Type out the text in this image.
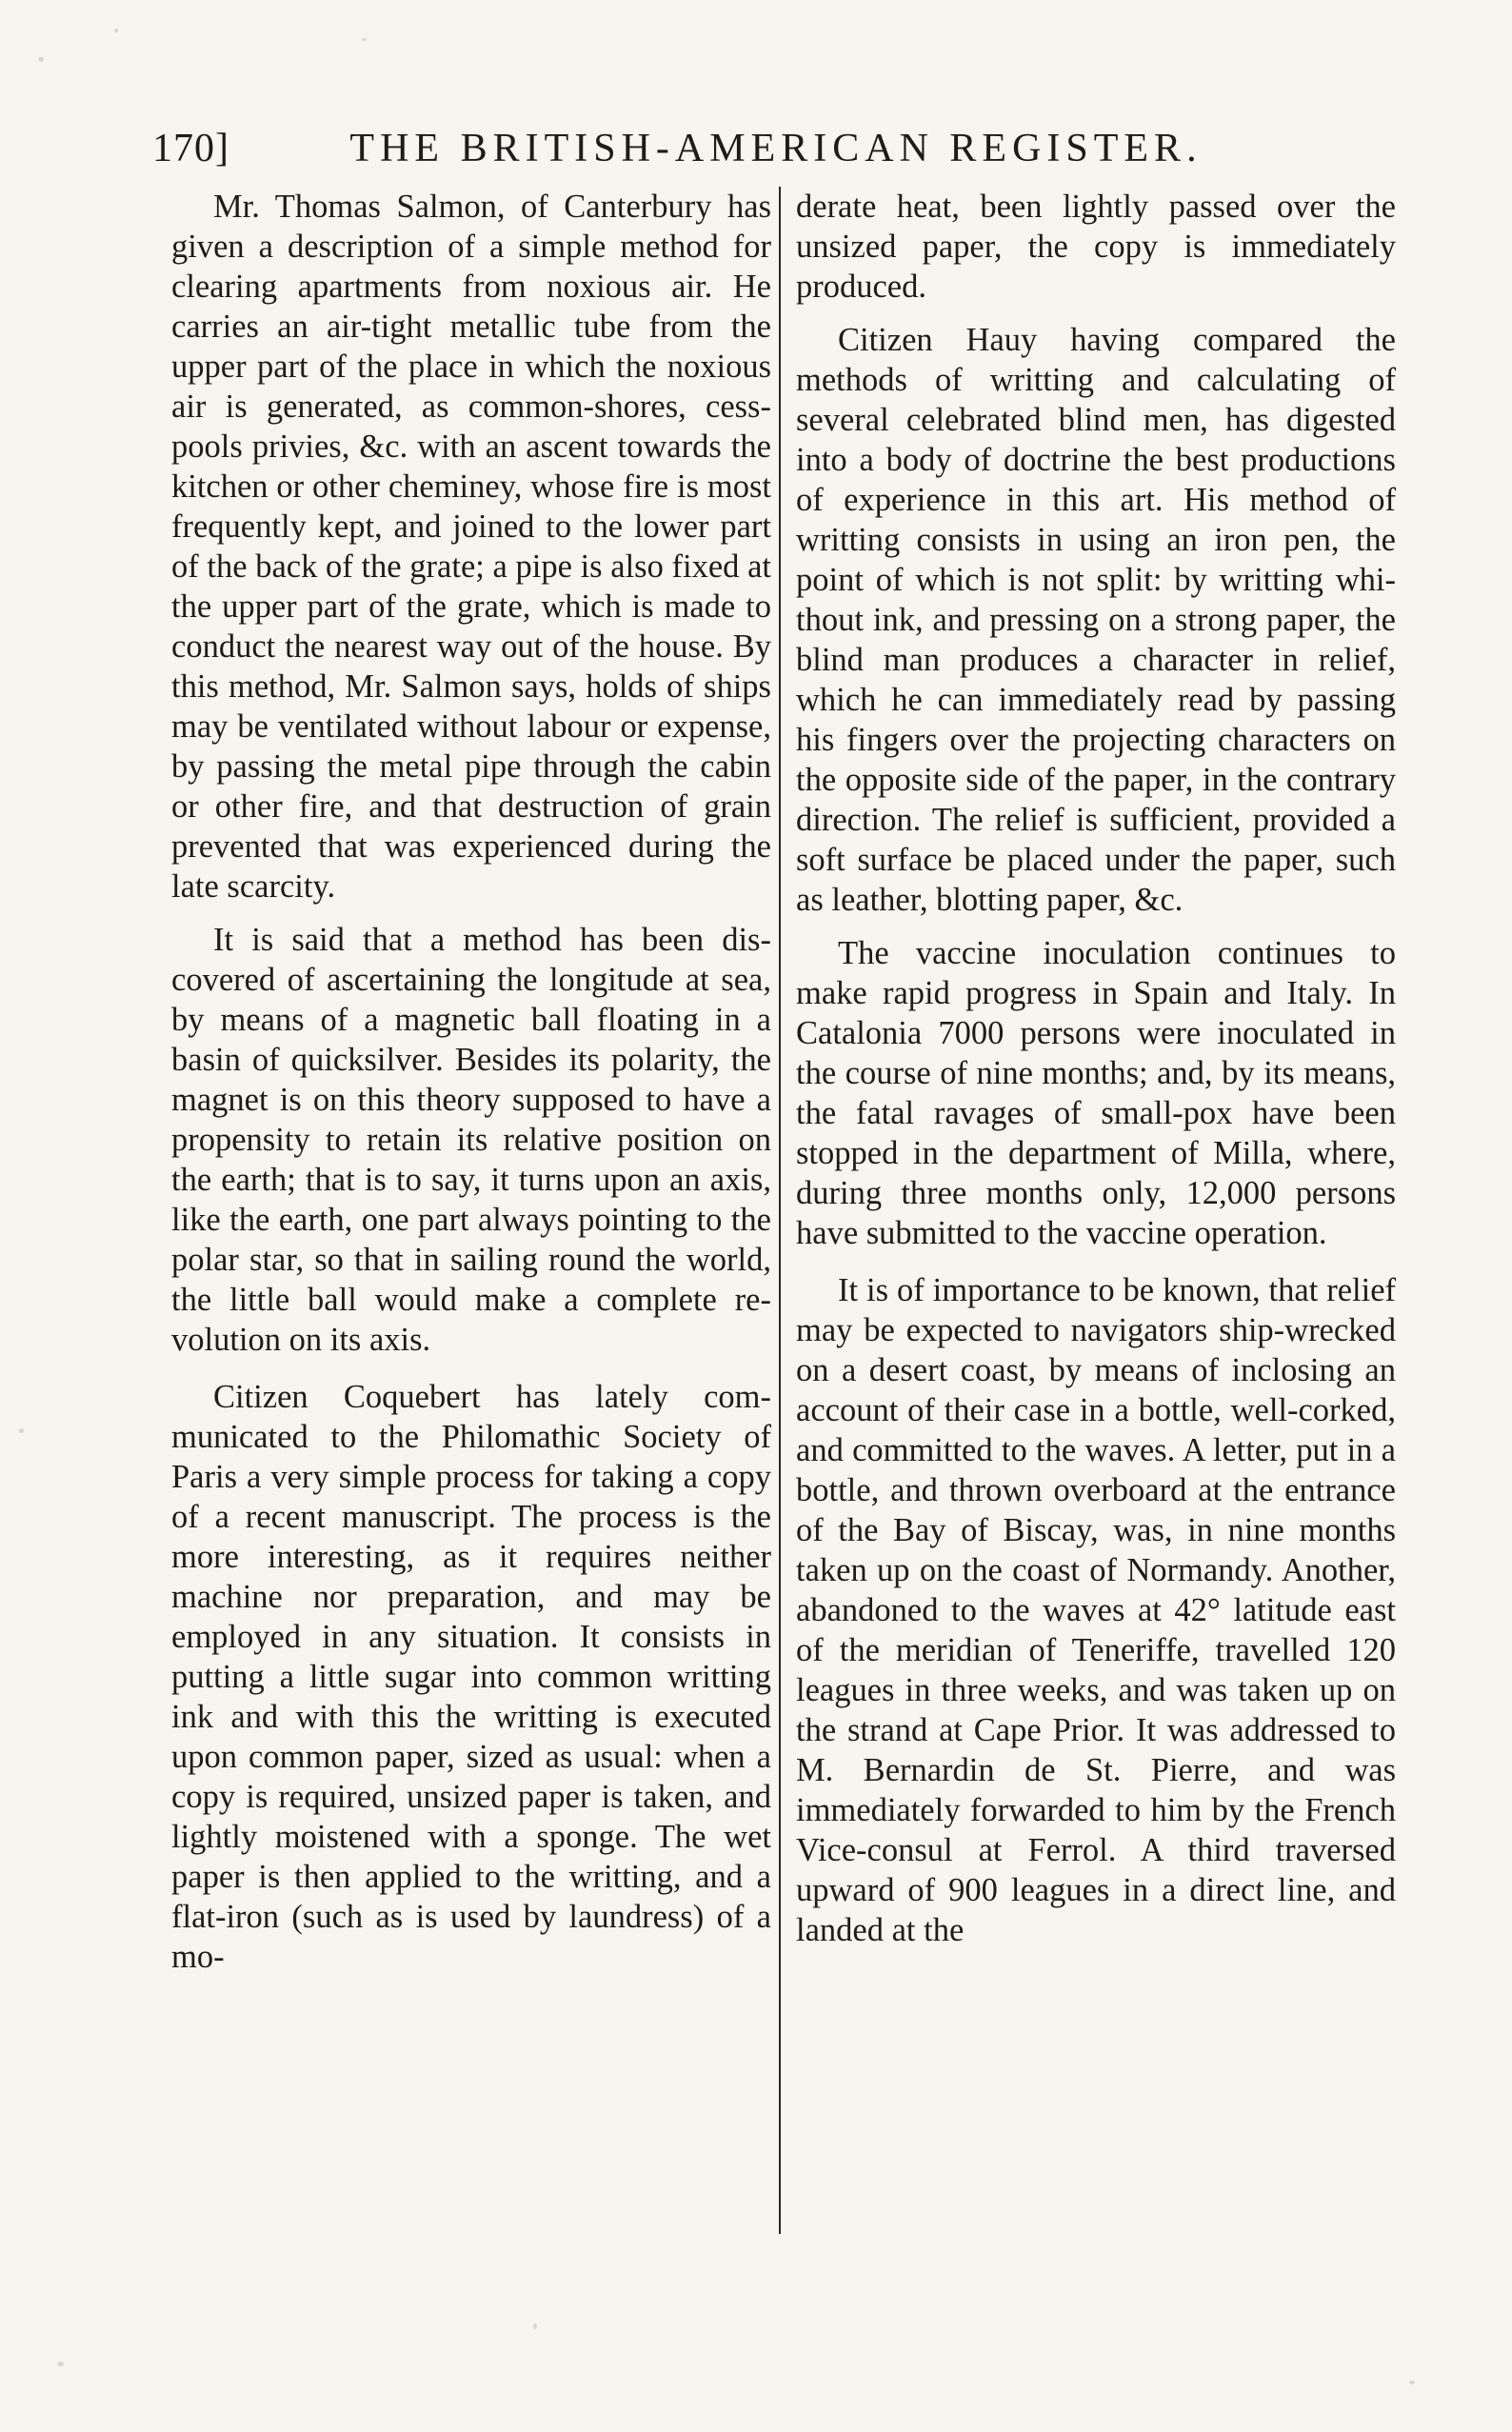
170]	THE BRITISH-AMERICAN REGISTER.

Mr. Thomas Salmon, of Canterbury has given a description of a simple method for clearing apartments from noxious air. He carries an air-tight metallic tube from the upper part of the place in which the noxious air is generated, as common-shores, cesspools privies, &c. with an ascent towards the kitchen or other cheminey, whose fire is most frequently kept, and joined to the lower part of the back of the grate; a pipe is also fixed at the upper part of the grate, which is made to conduct the nearest way out of the house. By this method, Mr. Salmon says, holds of ships may be ventilated without labour or expense, by passing the metal pipe through the cabin or other fire, and that destruction of grain prevented that was experienced during the late scarcity.

It is said that a method has been discovered of ascertaining the longitude at sea, by means of a magnetic ball floating in a basin of quicksilver. Besides its polarity, the magnet is on this theory supposed to have a propensity to retain its relative position on the earth; that is to say, it turns upon an axis, like the earth, one part always pointing to the polar star, so that in sailing round the world, the little ball would make a complete revolution on its axis.

Citizen Coquebert has lately communicated to the Philomathic Society of Paris a very simple process for taking a copy of a recent manuscript. The process is the more interesting, as it requires neither machine nor preparation, and may be employed in any situation. It consists in putting a little sugar into common writting ink and with this the writting is executed upon common paper, sized as usual: when a copy is required, unsized paper is taken, and lightly moistened with a sponge. The wet paper is then applied to the writting, and a flat-iron (such as is used by laundress) of a mo-

derate heat, been lightly passed over the unsized paper, the copy is immediately produced.

Citizen Hauy having compared the methods of writting and calculating of several celebrated blind men, has digested into a body of doctrine the best productions of experience in this art. His method of writting consists in using an iron pen, the point of which is not split: by writting whithout ink, and pressing on a strong paper, the blind man produces a character in relief, which he can immediately read by passing his fingers over the projecting characters on the opposite side of the paper, in the contrary direction. The relief is sufficient, provided a soft surface be placed under the paper, such as leather, blotting paper, &c.

The vaccine inoculation continues to make rapid progress in Spain and Italy. In Catalonia 7000 persons were inoculated in the course of nine months; and, by its means, the fatal ravages of small-pox have been stopped in the department of Milla, where, during three months only, 12,000 persons have submitted to the vaccine operation.

It is of importance to be known, that relief may be expected to navigators ship-wrecked on a desert coast, by means of inclosing an account of their case in a bottle, well-corked, and committed to the waves. A letter, put in a bottle, and thrown overboard at the entrance of the Bay of Biscay, was, in nine months taken up on the coast of Normandy. Another, abandoned to the waves at 42° latitude east of the meridian of Teneriffe, travelled 120 leagues in three weeks, and was taken up on the strand at Cape Prior. It was addressed to M. Bernardin de St. Pierre, and was immediately forwarded to him by the French Vice-consul at Ferrol. A third traversed upward of 900 leagues in a direct line, and landed at the
